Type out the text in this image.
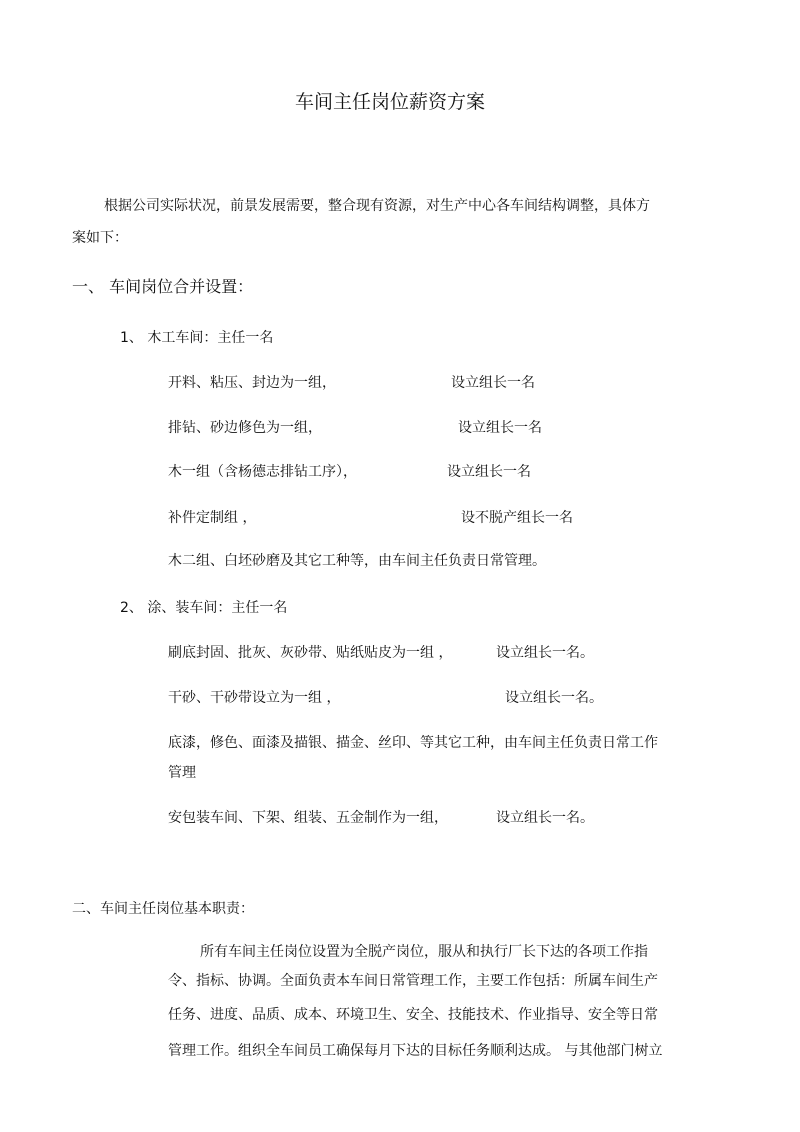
车间主任岗位薪资方案
根据公司实际状况，前景发展需要，整合现有资源，对生产中心各车间结构调整，具体方
案如下：
一、 车间岗位合并设置：
1、 木工车间：主任一名
开料、粘压、封边为一组，	设立组长一名
排钻、砂边修色为一组，	设立组长一名
木一组（含杨德志排钻工序），	设立组长一名
补件定制组 ，	设不脱产组长一名
木二组、白坯砂磨及其它工种等，由车间主任负责日常管理。
2、 涂、装车间：主任一名
刷底封固、批灰、灰砂带、贴纸贴皮为一组 ，	设立组长一名。
干砂、干砂带设立为一组 ，	设立组长一名。
底漆，修色、面漆及描银、描金、丝印、等其它工种，由车间主任负责日常工作
管理
安包装车间、下架、组装、五金制作为一组，	设立组长一名。
二、车间主任岗位基本职责：
所有车间主任岗位设置为全脱产岗位，服从和执行厂长下达的各项工作指
令、指标、协调。全面负责本车间日常管理工作，主要工作包括：所属车间生产
任务、进度、品质、成本、环境卫生、安全、技能技术、作业指导、安全等日常
管理工作。组织全车间员工确保每月下达的目标任务顺利达成。 与其他部门树立
